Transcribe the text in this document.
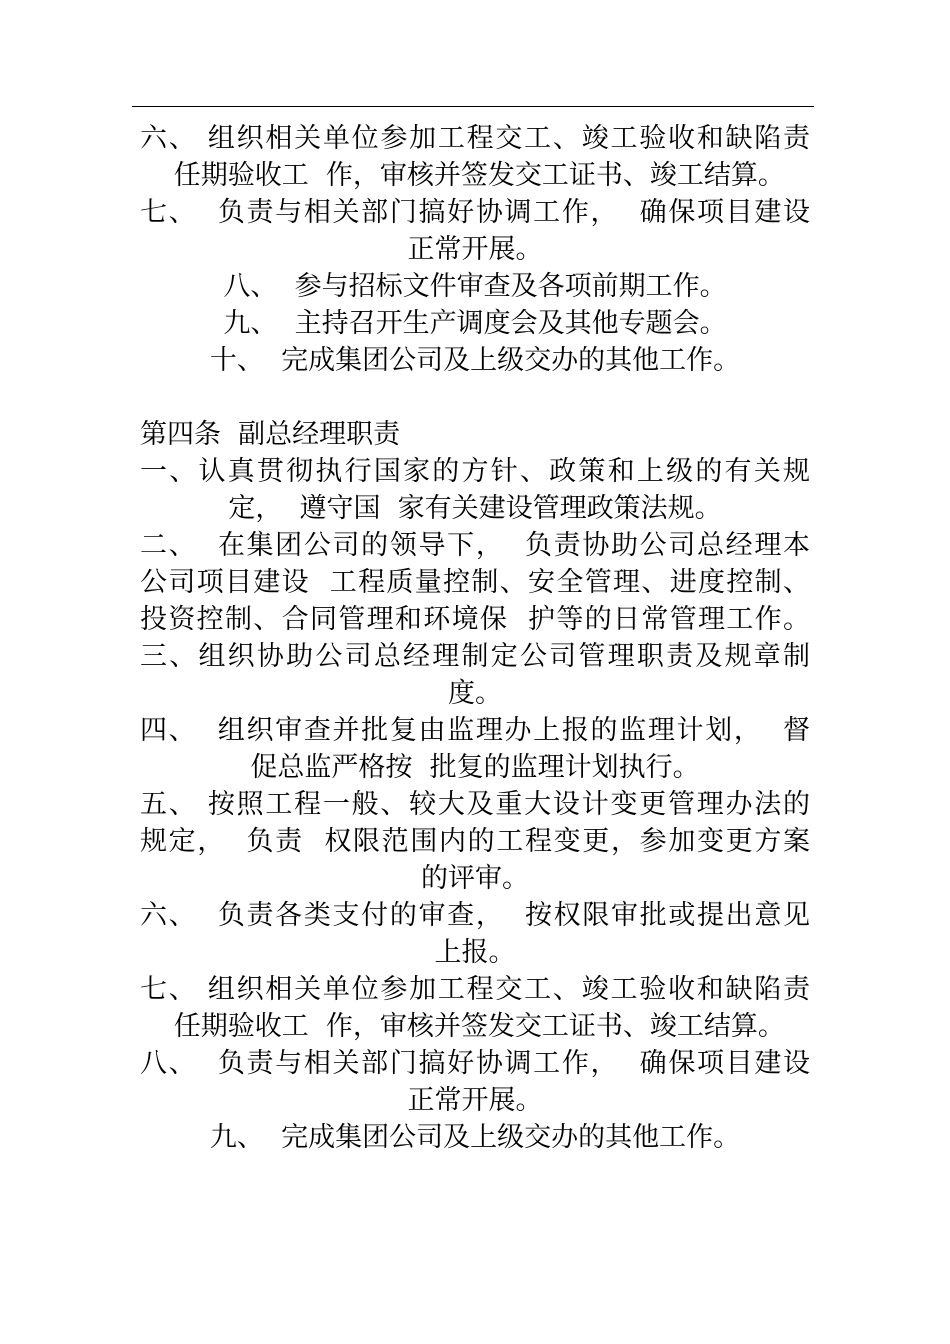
六、 组织相关单位参加工程交工、竣工验收和缺陷责
任期验收工  作，审核并签发交工证书、竣工结算。
七、  负责与相关部门搞好协调工作，  确保项目建设
正常开展。
八、  参与招标文件审查及各项前期工作。
九、  主持召开生产调度会及其他专题会。
十、  完成集团公司及上级交办的其他工作。
第四条  副总经理职责
一、认真贯彻执行国家的方针、政策和上级的有关规
定，  遵守国  家有关建设管理政策法规。
二、  在集团公司的领导下，  负责协助公司总经理本
公司项目建设  工程质量控制、安全管理、进度控制、
投资控制、合同管理和环境保  护等的日常管理工作。
三、组织协助公司总经理制定公司管理职责及规章制
度。
四、  组织审查并批复由监理办上报的监理计划，  督
促总监严格按  批复的监理计划执行。
五、 按照工程一般、较大及重大设计变更管理办法的
规定，  负责  权限范围内的工程变更，参加变更方案
的评审。
六、  负责各类支付的审查，  按权限审批或提出意见
上报。
七、 组织相关单位参加工程交工、竣工验收和缺陷责
任期验收工  作，审核并签发交工证书、竣工结算。
八、  负责与相关部门搞好协调工作，  确保项目建设
正常开展。
九、  完成集团公司及上级交办的其他工作。
